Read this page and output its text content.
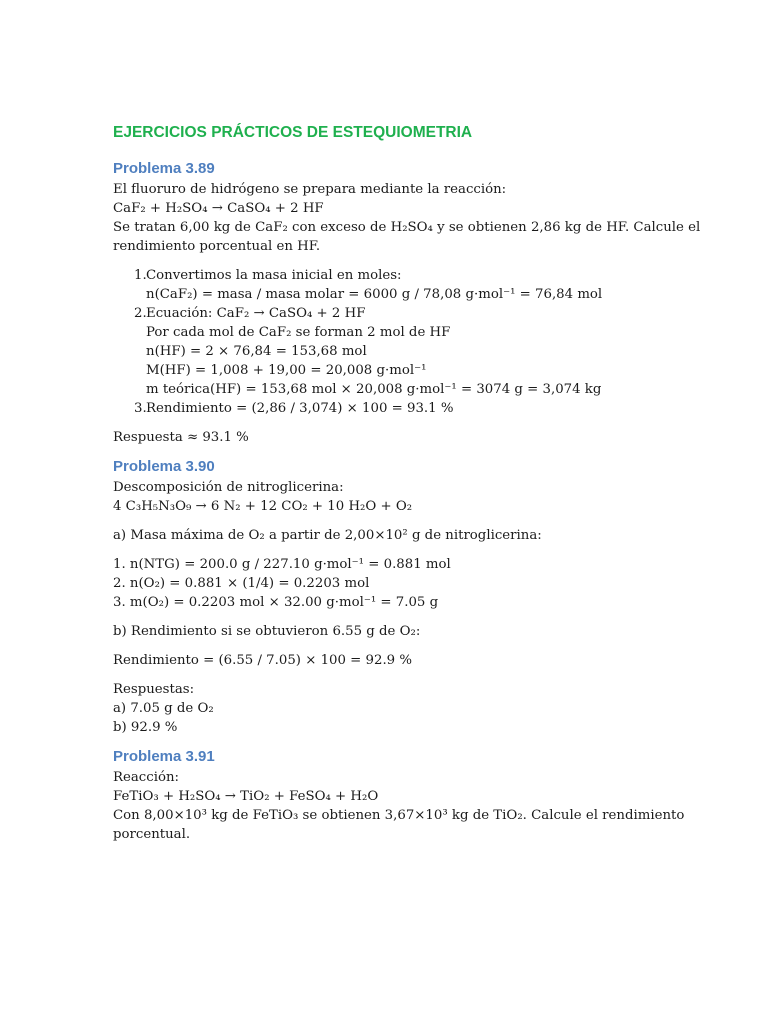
EJERCICIOS PRÁCTICOS DE ESTEQUIOMETRIA
Problema 3.89
El fluoruro de hidrógeno se prepara mediante la reacción:
CaF₂ + H₂SO₄ → CaSO₄ + 2 HF
Se tratan 6,00 kg de CaF₂ con exceso de H₂SO₄ y se obtienen 2,86 kg de HF. Calcule el
rendimiento porcentual en HF.
1. Convertimos la masa inicial en moles:
n(CaF₂) = masa / masa molar = 6000 g / 78,08 g·mol⁻¹ = 76,84 mol
2. Ecuación: CaF₂ → CaSO₄ + 2 HF
Por cada mol de CaF₂ se forman 2 mol de HF
n(HF) = 2 × 76,84 = 153,68 mol
M(HF) = 1,008 + 19,00 = 20,008 g·mol⁻¹
m teórica(HF) = 153,68 mol × 20,008 g·mol⁻¹ = 3074 g = 3,074 kg
3. Rendimiento = (2,86 / 3,074) × 100 = 93.1 %
Respuesta ≈ 93.1 %
Problema 3.90
Descomposición de nitroglicerina:
4 C₃H₅N₃O₉ → 6 N₂ + 12 CO₂ + 10 H₂O + O₂
a) Masa máxima de O₂ a partir de 2,00×10² g de nitroglicerina:
1. n(NTG) = 200.0 g / 227.10 g·mol⁻¹ = 0.881 mol
2. n(O₂) = 0.881 × (1/4) = 0.2203 mol
3. m(O₂) = 0.2203 mol × 32.00 g·mol⁻¹ = 7.05 g
b) Rendimiento si se obtuvieron 6.55 g de O₂:
Rendimiento = (6.55 / 7.05) × 100 = 92.9 %
Respuestas:
a) 7.05 g de O₂
b) 92.9 %
Problema 3.91
Reacción:
FeTiO₃ + H₂SO₄ → TiO₂ + FeSO₄ + H₂O
Con 8,00×10³ kg de FeTiO₃ se obtienen 3,67×10³ kg de TiO₂. Calcule el rendimiento
porcentual.
